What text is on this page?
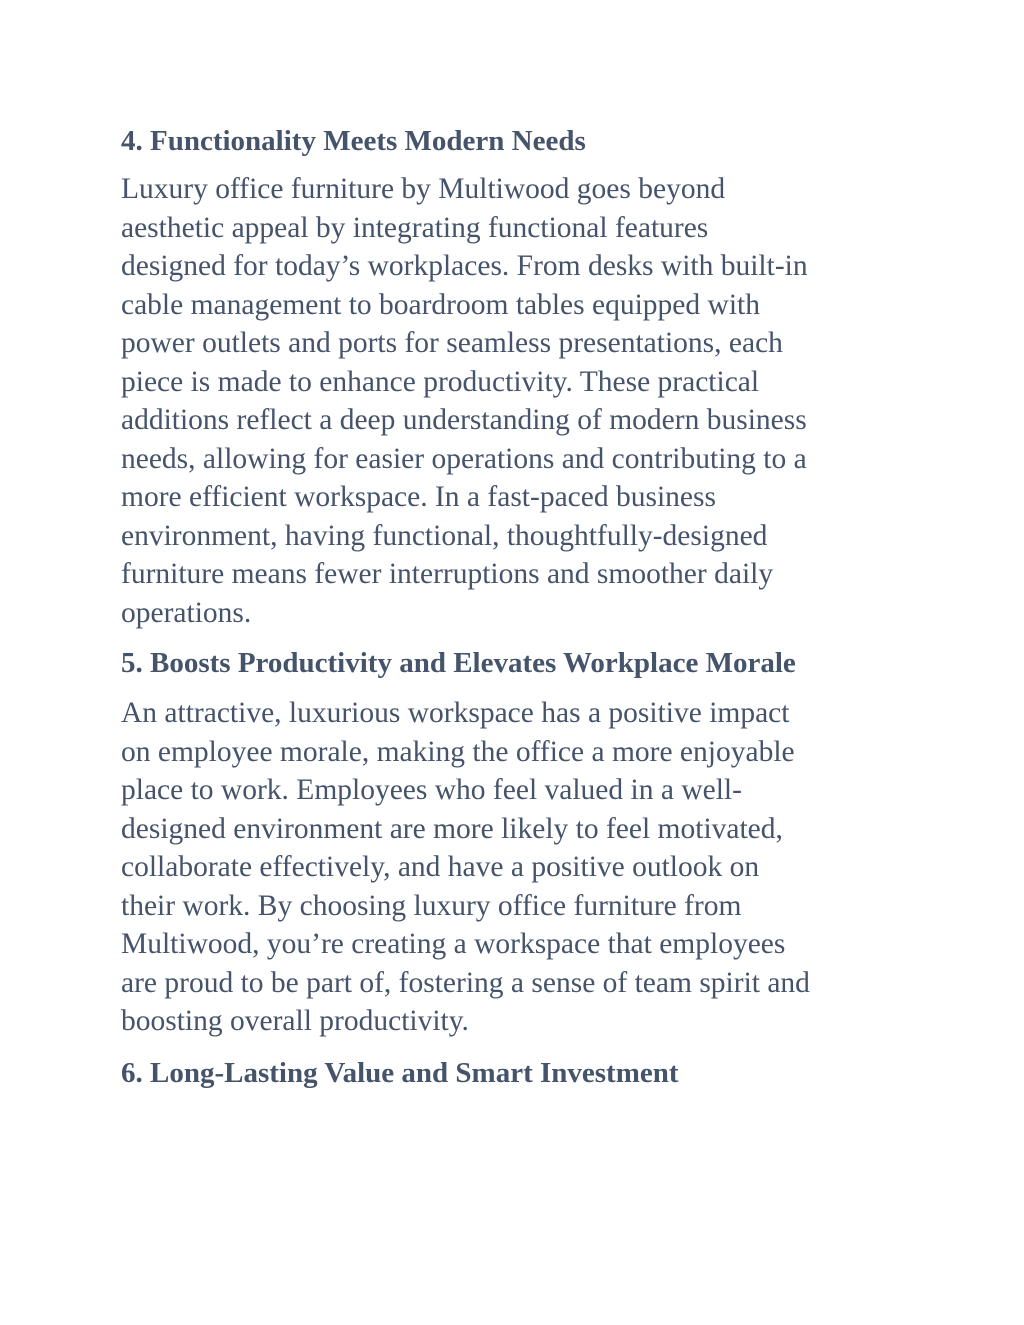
4. Functionality Meets Modern Needs

Luxury office furniture by Multiwood goes beyond
aesthetic appeal by integrating functional features
designed for today’s workplaces. From desks with built-in
cable management to boardroom tables equipped with
power outlets and ports for seamless presentations, each
piece is made to enhance productivity. These practical
additions reflect a deep understanding of modern business
needs, allowing for easier operations and contributing to a
more efficient workspace. In a fast-paced business
environment, having functional, thoughtfully-designed
furniture means fewer interruptions and smoother daily
operations.

5. Boosts Productivity and Elevates Workplace Morale

An attractive, luxurious workspace has a positive impact
on employee morale, making the office a more enjoyable
place to work. Employees who feel valued in a well-
designed environment are more likely to feel motivated,
collaborate effectively, and have a positive outlook on
their work. By choosing luxury office furniture from
Multiwood, you’re creating a workspace that employees
are proud to be part of, fostering a sense of team spirit and
boosting overall productivity.

6. Long-Lasting Value and Smart Investment
